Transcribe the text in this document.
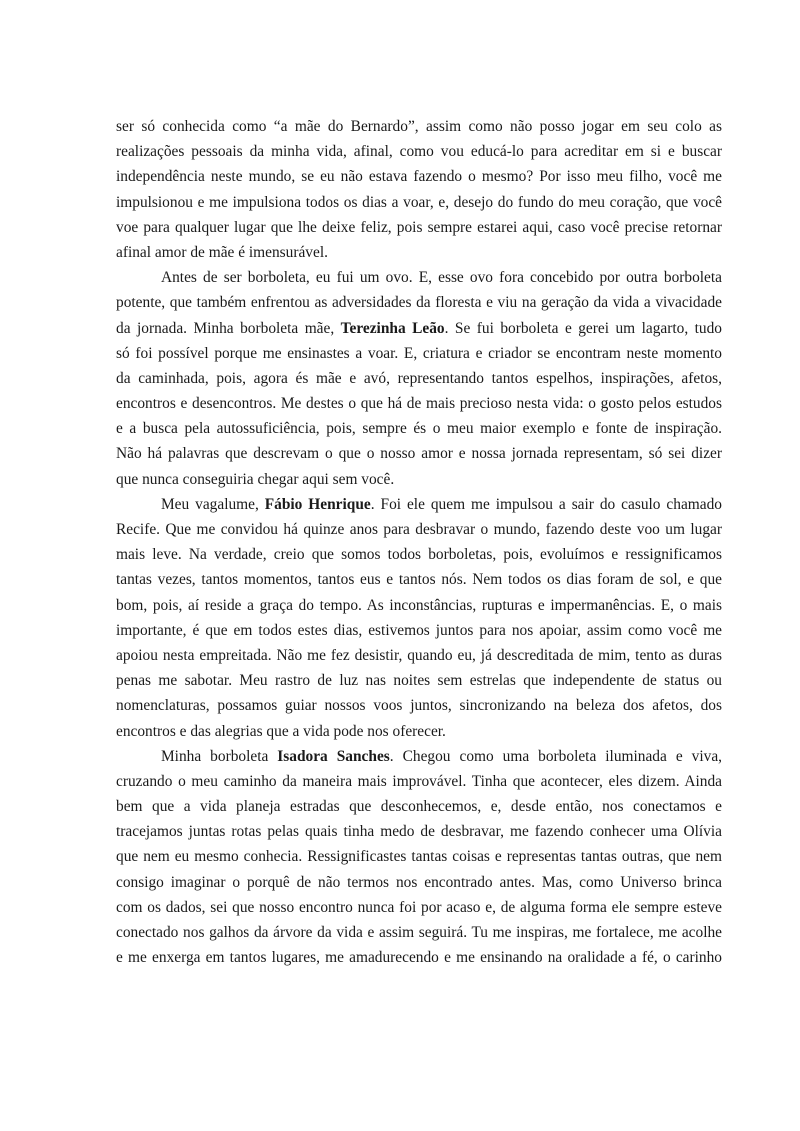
ser só conhecida como “a mãe do Bernardo”, assim como não posso jogar em seu colo as
realizações pessoais da minha vida, afinal, como vou educá-lo para acreditar em si e buscar
independência neste mundo, se eu não estava fazendo o mesmo? Por isso meu filho, você me
impulsionou e me impulsiona todos os dias a voar, e, desejo do fundo do meu coração, que você
voe para qualquer lugar que lhe deixe feliz, pois sempre estarei aqui, caso você precise retornar
afinal amor de mãe é imensurável.
Antes de ser borboleta, eu fui um ovo. E, esse ovo fora concebido por outra borboleta
potente, que também enfrentou as adversidades da floresta e viu na geração da vida a vivacidade
da jornada. Minha borboleta mãe, Terezinha Leão. Se fui borboleta e gerei um lagarto, tudo
só foi possível porque me ensinastes a voar. E, criatura e criador se encontram neste momento
da caminhada, pois, agora és mãe e avó, representando tantos espelhos, inspirações, afetos,
encontros e desencontros. Me destes o que há de mais precioso nesta vida: o gosto pelos estudos
e a busca pela autossuficiência, pois, sempre és o meu maior exemplo e fonte de inspiração.
Não há palavras que descrevam o que o nosso amor e nossa jornada representam, só sei dizer
que nunca conseguiria chegar aqui sem você.
Meu vagalume, Fábio Henrique. Foi ele quem me impulsou a sair do casulo chamado
Recife. Que me convidou há quinze anos para desbravar o mundo, fazendo deste voo um lugar
mais leve. Na verdade, creio que somos todos borboletas, pois, evoluímos e ressignificamos
tantas vezes, tantos momentos, tantos eus e tantos nós. Nem todos os dias foram de sol, e que
bom, pois, aí reside a graça do tempo. As inconstâncias, rupturas e impermanências. E, o mais
importante, é que em todos estes dias, estivemos juntos para nos apoiar, assim como você me
apoiou nesta empreitada. Não me fez desistir, quando eu, já descreditada de mim, tento as duras
penas me sabotar. Meu rastro de luz nas noites sem estrelas que independente de status ou
nomenclaturas, possamos guiar nossos voos juntos, sincronizando na beleza dos afetos, dos
encontros e das alegrias que a vida pode nos oferecer.
Minha borboleta Isadora Sanches. Chegou como uma borboleta iluminada e viva,
cruzando o meu caminho da maneira mais improvável. Tinha que acontecer, eles dizem. Ainda
bem que a vida planeja estradas que desconhecemos, e, desde então, nos conectamos e
tracejamos juntas rotas pelas quais tinha medo de desbravar, me fazendo conhecer uma Olívia
que nem eu mesmo conhecia. Ressignificastes tantas coisas e representas tantas outras, que nem
consigo imaginar o porquê de não termos nos encontrado antes. Mas, como Universo brinca
com os dados, sei que nosso encontro nunca foi por acaso e, de alguma forma ele sempre esteve
conectado nos galhos da árvore da vida e assim seguirá. Tu me inspiras, me fortalece, me acolhe
e me enxerga em tantos lugares, me amadurecendo e me ensinando na oralidade a fé, o carinho
